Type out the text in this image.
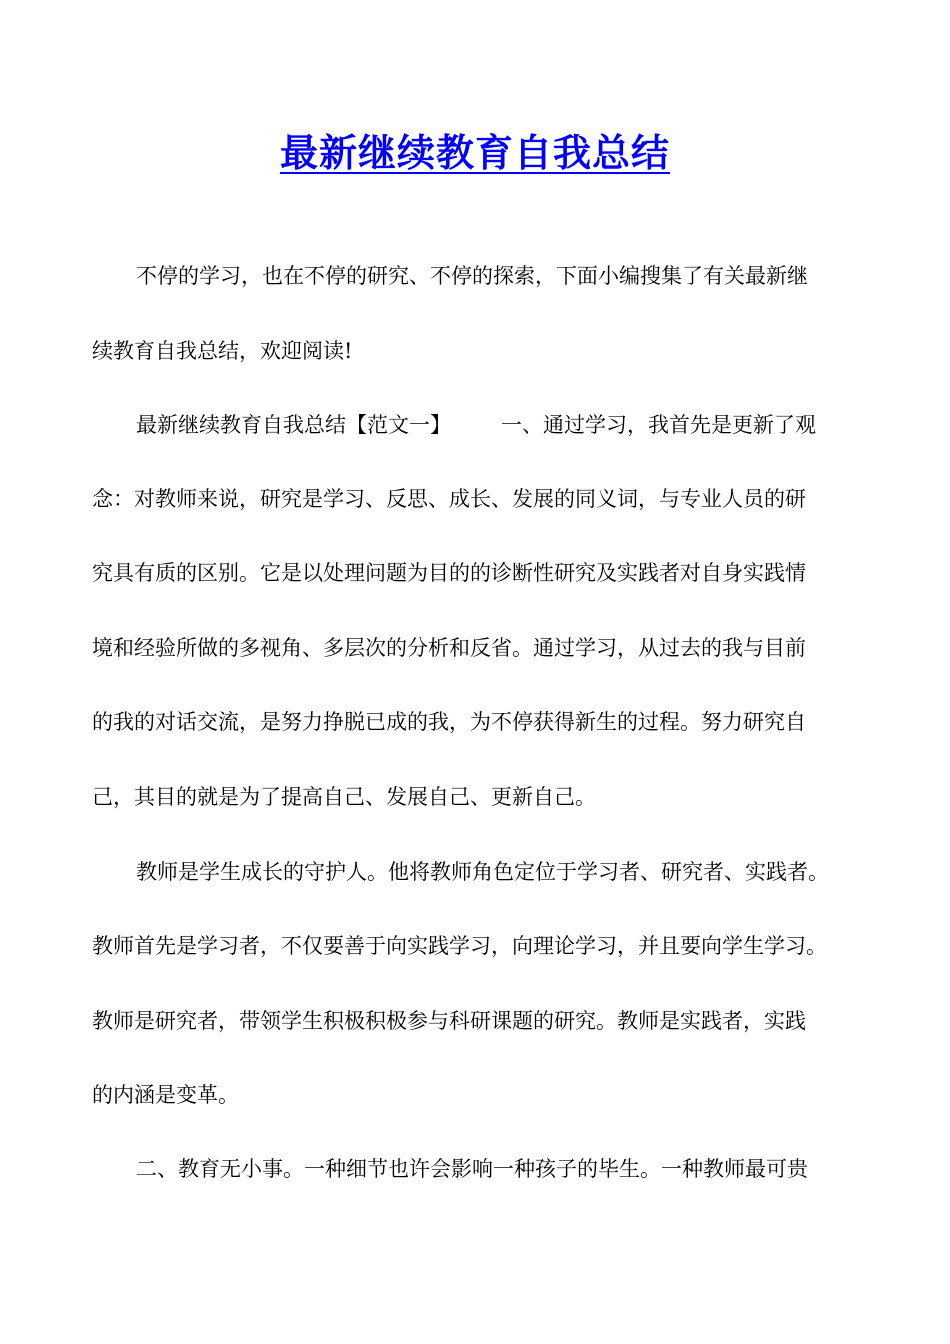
最新继续教育自我总结

不停的学习，也在不停的研究、不停的探索，下面小编搜集了有关最新继

续教育自我总结，欢迎阅读!

最新继续教育自我总结【范文一】 一、通过学习，我首先是更新了观

念：对教师来说，研究是学习、反思、成长、发展的同义词，与专业人员的研

究具有质的区别。它是以处理问题为目的的诊断性研究及实践者对自身实践情

境和经验所做的多视角、多层次的分析和反省。通过学习，从过去的我与目前

的我的对话交流，是努力挣脱已成的我，为不停获得新生的过程。努力研究自

己，其目的就是为了提高自己、发展自己、更新自己。

教师是学生成长的守护人。他将教师角色定位于学习者、研究者、实践者。

教师首先是学习者，不仅要善于向实践学习，向理论学习，并且要向学生学习。

教师是研究者，带领学生积极积极参与科研课题的研究。教师是实践者，实践

的内涵是变革。

二、教育无小事。一种细节也许会影响一种孩子的毕生。一种教师最可贵
